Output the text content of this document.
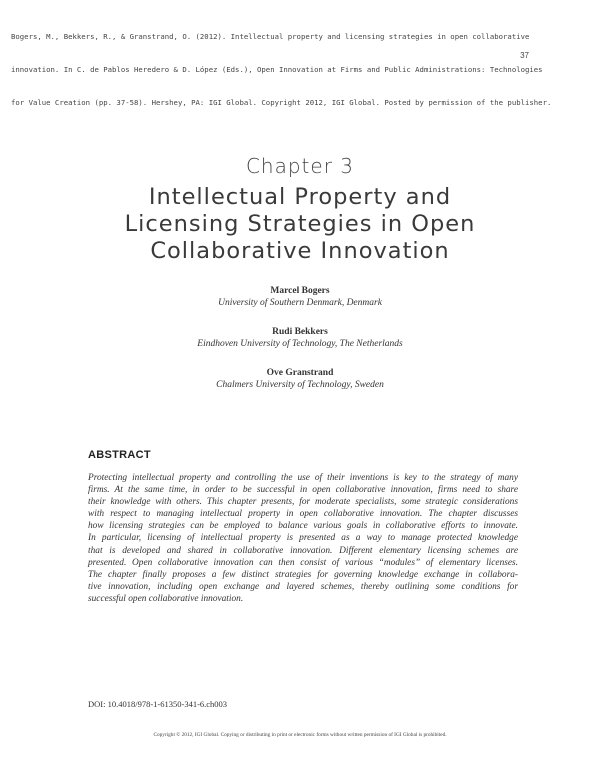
Bogers, M., Bekkers, R., & Granstrand, O. (2012). Intellectual property and licensing strategies in open collaborative

innovation. In C. de Pablos Heredero & D. López (Eds.), Open Innovation at Firms and Public Administrations: Technologies

for Value Creation (pp. 37-58). Hershey, PA: IGI Global. Copyright 2012, IGI Global. Posted by permission of the publisher.

37
Chapter 3
Intellectual Property and
Licensing Strategies in Open
Collaborative Innovation
Marcel Bogers
University of Southern Denmark, Denmark
Rudi Bekkers
Eindhoven University of Technology, The Netherlands
Ove Granstrand
Chalmers University of Technology, Sweden
ABSTRACT
Protecting intellectual property and controlling the use of their inventions is key to the strategy of many
firms. At the same time, in order to be successful in open collaborative innovation, firms need to share
their knowledge with others. This chapter presents, for moderate specialists, some strategic considerations
with respect to managing intellectual property in open collaborative innovation. The chapter discusses
how licensing strategies can be employed to balance various goals in collaborative efforts to innovate.
In particular, licensing of intellectual property is presented as a way to manage protected knowledge
that is developed and shared in collaborative innovation. Different elementary licensing schemes are
presented. Open collaborative innovation can then consist of various “modules” of elementary licenses.
The chapter finally proposes a few distinct strategies for governing knowledge exchange in collabora-
tive innovation, including open exchange and layered schemes, thereby outlining some conditions for
successful open collaborative innovation.
DOI: 10.4018/978-1-61350-341-6.ch003
Copyright © 2012, IGI Global. Copying or distributing in print or electronic forms without written permission of IGI Global is prohibited.
